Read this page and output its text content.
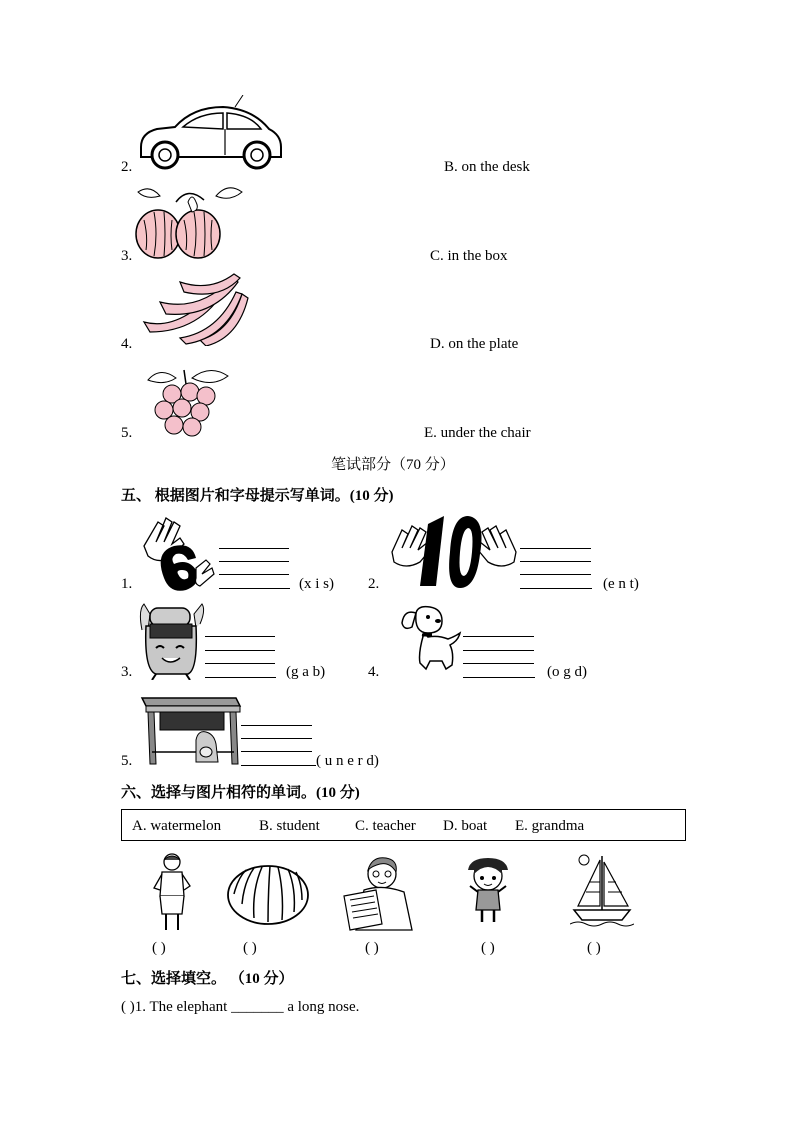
2.	B. on the desk
3.	C. in the box
4.	D. on the plate
5.	E. under the chair
笔试部分（70 分）
五、 根据图片和字母提示写单词。(10 分)
1.	(x i s) 2.	(e n t)
3.	(g a b)	4.	(o g d)
5.	( u n e r d)
六、选择与图片相符的单词。(10 分)
A. watermelon	B. student C. teacher D. boat E. grandma
( )	( )	( )	( )	( )
七、选择填空。 （10 分）
( )1. The elephant _______ a long nose.
